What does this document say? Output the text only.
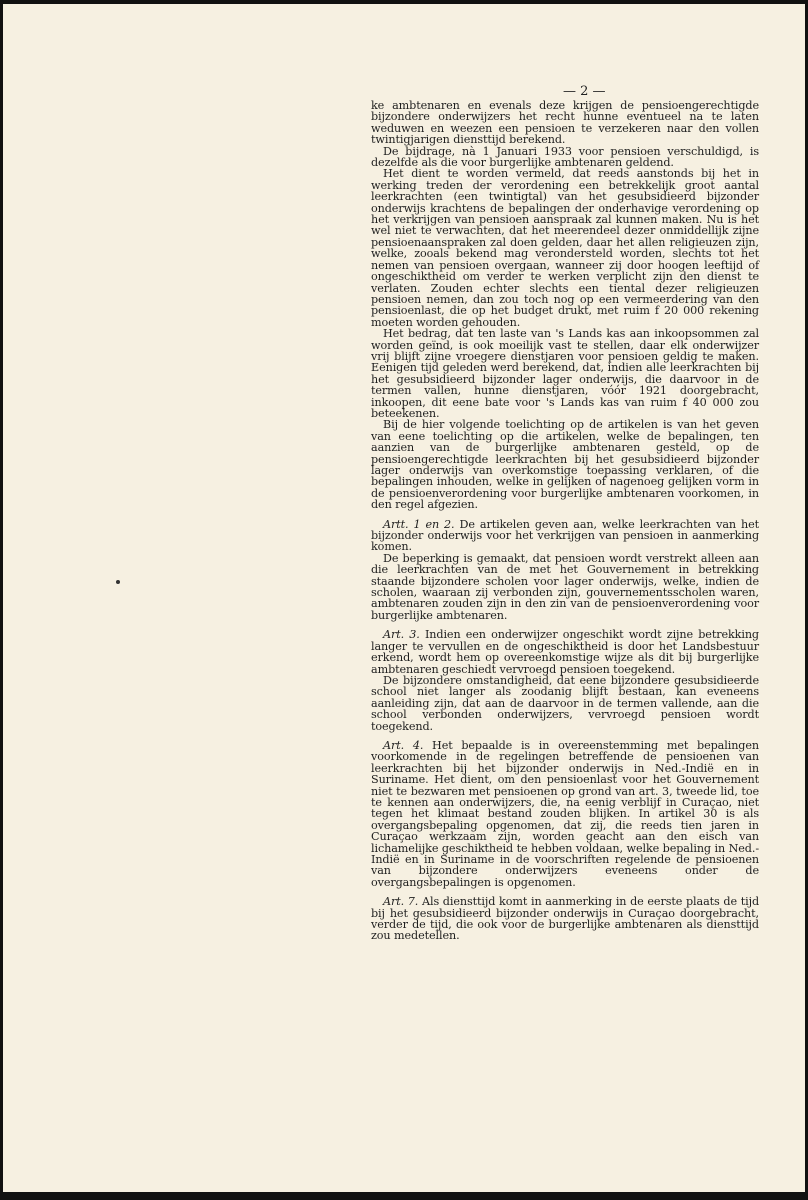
— 2 —

ke ambtenaren en evenals deze krijgen de pensioengerechtigde bijzondere onderwijzers het recht hunne eventueel na te laten weduwen en weezen een pensioen te verzekeren naar den vollen twintigjarigen diensttijd berekend.

De bijdrage, nà 1 Januari 1933 voor pensioen verschuldigd, is dezelfde als die voor burgerlijke ambtenaren geldend.

Het dient te worden vermeld, dat reeds aanstonds bij het in werking treden der verordening een betrekkelijk groot aantal leerkrachten (een twintigtal) van het gesubsidieerd bijzonder onderwijs krachtens de bepalingen der onderhavige verordening op het verkrijgen van pensioen aanspraak zal kunnen maken. Nu is het wel niet te verwachten, dat het meerendeel dezer onmiddellijk zijne pensioenaanspraken zal doen gelden, daar het allen religieuzen zijn, welke, zooals bekend mag verondersteld worden, slechts tot het nemen van pensioen overgaan, wanneer zij door hoogen leeftijd of ongeschiktheid om verder te werken verplicht zijn den dienst te verlaten. Zouden echter slechts een tiental dezer religieuzen pensioen nemen, dan zou toch nog op een vermeerdering van den pensioenlast, die op het budget drukt, met ruim f 20 000 rekening moeten worden gehouden.

Het bedrag, dat ten laste van 's Lands kas aan inkoopsommen zal worden geïnd, is ook moeilijk vast te stellen, daar elk onderwijzer vrij blijft zijne vroegere dienstjaren voor pensioen geldig te maken. Eenigen tijd geleden werd berekend, dat, indien alle leerkrachten bij het gesubsidieerd bijzonder lager onderwijs, die daarvoor in de termen vallen, hunne dienstjaren, vóór 1921 doorgebracht, inkoopen, dit eene bate voor 's Lands kas van ruim f 40 000 zou beteekenen.

Bij de hier volgende toelichting op de artikelen is van het geven van eene toelichting op die artikelen, welke de bepalingen, ten aanzien van de burgerlijke ambtenaren gesteld, op de pensioengerechtigde leerkrachten bij het gesubsidieerd bijzonder lager onderwijs van overkomstige toepassing verklaren, of die bepalingen inhouden, welke in gelijken of nagenoeg gelijken vorm in de pensioenverordening voor burgerlijke ambtenaren voorkomen, in den regel afgezien.

Artt. 1 en 2. De artikelen geven aan, welke leerkrachten van het bijzonder onderwijs voor het verkrijgen van pensioen in aanmerking komen.

De beperking is gemaakt, dat pensioen wordt verstrekt alleen aan die leerkrachten van de met het Gouvernement in betrekking staande bijzondere scholen voor lager onderwijs, welke, indien de scholen, waaraan zij verbonden zijn, gouvernementsscholen waren, ambtenaren zouden zijn in den zin van de pensioenverordening voor burgerlijke ambtenaren.

Art. 3. Indien een onderwijzer ongeschikt wordt zijne betrekking langer te vervullen en de ongeschiktheid is door het Landsbestuur erkend, wordt hem op overeenkomstige wijze als dit bij burgerlijke ambtenaren geschiedt vervroegd pensioen toegekend.

De bijzondere omstandigheid, dat eene bijzondere gesubsidieerde school niet langer als zoodanig blijft bestaan, kan eveneens aanleiding zijn, dat aan de daarvoor in de termen vallende, aan die school verbonden onderwijzers, vervroegd pensioen wordt toegekend.

Art. 4. Het bepaalde is in overeenstemming met bepalingen voorkomende in de regelingen betreffende de pensioenen van leerkrachten bij het bijzonder onderwijs in Ned.-Indië en in Suriname. Het dient, om den pensioenlast voor het Gouvernement niet te bezwaren met pensioenen op grond van art. 3, tweede lid, toe te kennen aan onderwijzers, die, na eenig verblijf in Curaçao, niet tegen het klimaat bestand zouden blijken. In artikel 30 is als overgangsbepaling opgenomen, dat zij, die reeds tien jaren in Curaçao werkzaam zijn, worden geacht aan den eisch van lichamelijke geschiktheid te hebben voldaan, welke bepaling in Ned.-Indië en in Suriname in de voorschriften regelende de pensioenen van bijzondere onderwijzers eveneens onder de overgangsbepalingen is opgenomen.

Art. 7. Als diensttijd komt in aanmerking in de eerste plaats de tijd bij het gesubsidieerd bijzonder onderwijs in Curaçao doorgebracht, verder de tijd, die ook voor de burgerlijke ambtenaren als diensttijd zou medetellen.
